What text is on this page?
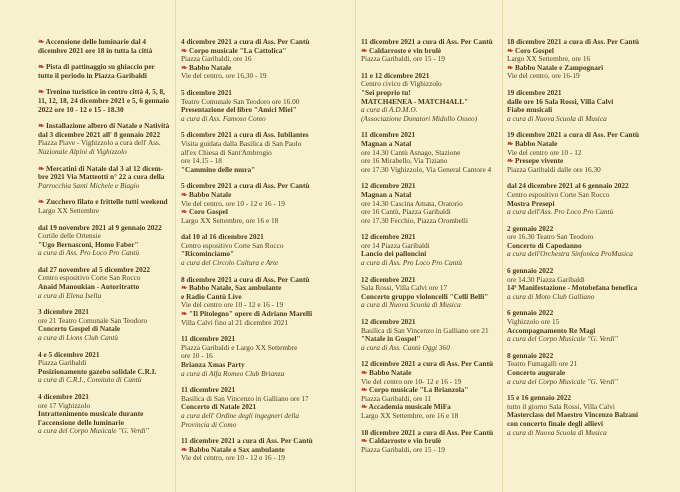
❧ Accensione delle luminarie dal 4
dicembre 2021 ore 18 in tutta la città
❧ Pista di pattinaggio su ghiaccio per
tutto il periodo in Piazza Garibaldi
❧ Trenino turistico in centro città 4, 5, 8,
11, 12, 18, 24 dicembre 2021 e 5, 6 gennaio
2022 ore 10 - 12 e 15 - 18.30
❧ Installazione albero di Natale e Natività
dal 3 dicembre 2021 all' 8 gennaio 2022
Piazza Piave - Vighizzolo a cura dell' Ass.
Nazionale Alpini di Vighizzolo
❧ Mercatini di Natale dal 3 al 12 dicem-
bre 2021 Via Matteotti n° 22 a cura della
Parrocchia Santi Michele e Biagio
❧ Zucchero filato e frittelle tutti weekend
Largo XX Settembre
dal 19 novembre 2021 al 9 gennaio 2022
Cortile delle Ortensie
"Ugo Bernasconi, Homo Faber"
a cura di Ass. Pro Loco Pro Cantù
dal 27 novembre al 5 dicembre 2022
Centro espositivo Corte San Rocco
Anaid Manoukian - Autoritratto
a cura di Elena Isella
3 dicembre 2021
ore 21 Teatro Comunale San Teodoro
Concerto Gospel di Natale
a cura di Lions Club Cantù
4 e 5 dicembre 2021
Piazza Garibaldi
Posizionamento gazebo solidale C.R.I.
a cura di C.R.I., Comitato di Cantù
4 dicembre 2021
ore 17 Vighizzolo
Intrattenimento musicale durante
l'accensione delle luminarie
a cura del Corpo Musicale "G. Verdi"
4 dicembre 2021 a cura di Ass. Per Cantù
❧ Corpo musicale "La Cattolica"
Piazza Garibaldi, ore 16
❧ Babbo Natale
Vie del centro, ore 16,30 - 19
5 dicembre 2021
Teatro Comunale San Teodoro ore 16.00
Presentazione del libro "Amici Miei"
a cura di Ass. Famoso Como
5 dicembre 2021 a cura di Ass. Iubilantes
Visita guidata dalla Basilica di San Paolo
all'ex Chiesa di Sant'Ambrogio
ore 14.15 - 18
"Cammino delle mura"
5 dicembre 2021 a cura di Ass. Per Cantù
❧ Babbo Natale
Vie del centro, ore 10 - 12 e 16 - 19
❧ Coro Gospel
Largo XX Settembre, ore 16 e 18
dal 10 al 16 dicembre 2021
Centro espositivo Corte San Rocco
"Ricominciamo"
a cura del Circolo Cultura e Arte
8 dicembre 2021 a cura di Ass. Per Cantù
❧ Babbo Natale, Sax ambulante
e Radio Cantù Live
Vie del centro ore 10 - 12 e 16 - 19
❧ "Il Pitolegno" opere di Adriano Marelli
Villa Calvi fino al 21 dicembre 2021
11 dicembre 2021
Piazza Garibaldi e Largo XX Settembre
ore 10 - 16
Brianza Xmas Party
a cura di Alfa Romeo Club Brianza
11 dicembre 2021
Basilica di San Vincenzo in Galliano ore 17
Concerto di Natale 2021
a cura dell' Ordine degli ingegneri della
Provincia di Como
11 dicembre 2021 a cura di Ass. Per Cantù
❧ Babbo Natale e Sax ambulante
Vie del centro, ore 10 - 12 e 16 - 19
11 dicembre 2021 a cura di Ass. Per Cantù
❧ Caldarroste e vin brulè
Piazza Garibaldi, ore 15 - 19
11 e 12 dicembre 2021
Centro civico di Vighizzolo
"Sei proprio tu!
MATCH4ENEA - MATCH4ALL"
a cura di A.D.M.O.
(Associazione Donatori Midollo Osseo)
11 dicembre 2021
Magnan a Natal
ore 14.30 Cantù Asnago, Stazione
ore 16 Mirabello, Via Tiziano
ore 17.30 Vighizzolo, Via General Cantore 4
12 dicembre 2021
Magnan a Natal
ore 14.30 Cascina Amata, Oratorio
ore 16 Cantù, Piazza Garibaldi
ore 17.30 Fecchio, Piazza Orombelli
12 dicembre 2021
ore 14 Piazza Garibaldi
Lancio dei palloncini
a cura di Ass. Pro Loco Pro Cantù
12 dicembre 2021
Sala Rossi, Villa Calvi ore 17
Concerto gruppo violoncelli "Celli Belli"
a cura di Nuova Scuola di Musica
12 dicembre 2021
Basilica di San Vincenzo in Galliano ore 21
"Natale in Gospel"
a cura di Ass. Cantù Oggi 360
12 dicembre 2021 a cura di Ass. Per Cantù
❧ Babbo Natale
Vie del centro ore 10- 12 e 16 - 19
❧ Corpo musicale "La Brianzola"
Piazza Garibaldi, ore 11
❧ Accademia musicale MiFa
Largo XX Settembre, ore 16 e 18
18 dicembre 2021 a cura di Ass. Per Cantù
❧ Caldarroste e vin brulè
Piazza Garibaldi, ore 15 - 19
18 dicembre 2021 a cura di Ass. Per Cantù
❧ Coro Gospel
Largo XX Settembre, ore 16
❧ Babbo Natale e Zampognari
Vie del centro, ore 16-19
19 dicembre 2021
dalle ore 16 Sala Rossi, Villa Calvi
Fiabe musicali
a cura di Nuova Scuola di Musica
19 dicembre 2021 a cura di Ass. Per Cantù
❧ Babbo Natale
Vie del centro ore 10 - 12
❧ Presepe vivente
Piazza Garibaldi dalle ore 16.30
dal 24 dicembre 2021 al 6 gennaio 2022
Centro espositivo Corte San Rocco
Mostra Presepi
a cura dell'Ass. Pro Loco Pro Cantù
2 gennaio 2022
ore 16.30 Teatro San Teodoro
Concerto di Capodanno
a cura dell'Orchestra Sinfonica ProMusica
6 gennaio 2022
ore 14.30 Piazza Garibaldi
14ª Manifestazione - Motobefana benefica
a cura di Moto Club Galliano
6 gennaio 2022
Vighizzolo ore 15
Accompagnamento Re Magi
a cura del Corpo Musicale "G. Verdi"
8 gennaio 2022
Teatro Fumagalli ore 21
Concerto augurale
a cura del Corpo Musicale "G. Verdi"
15 e 16 gennaio 2022
tutto il giorno Sala Rossi, Villa Calvi
Masterclass del Maestro Vincenzo Balzani
con concerto finale degli allievi
a cura di Nuova Scuola di Musica
